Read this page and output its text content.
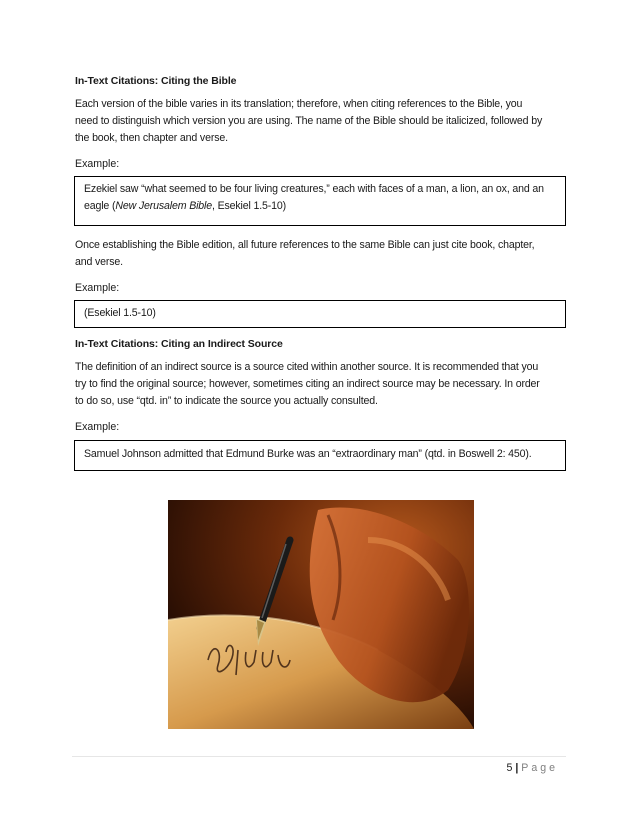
In-Text Citations: Citing the Bible

Each version of the bible varies in its translation; therefore, when citing references to the Bible, you
need to distinguish which version you are using. The name of the Bible should be italicized, followed by
the book, then chapter and verse.

Example:

Ezekiel saw “what seemed to be four living creatures,” each with faces of a man, a lion, an ox, and an
eagle (New Jerusalem Bible, Esekiel 1.5-10)
Once establishing the Bible edition, all future references to the same Bible can just cite book, chapter,
and verse.

Example:

(Esekiel 1.5-10)

In-Text Citations: Citing an Indirect Source

The definition of an indirect source is a source cited within another source. It is recommended that you
try to find the original source; however, sometimes citing an indirect source may be necessary. In order
to do so, use “qtd. in” to indicate the source you actually consulted.

Example:

Samuel Johnson admitted that Edmund Burke was an “extraordinary man” (qtd. in Boswell 2: 450).
5 | Page
